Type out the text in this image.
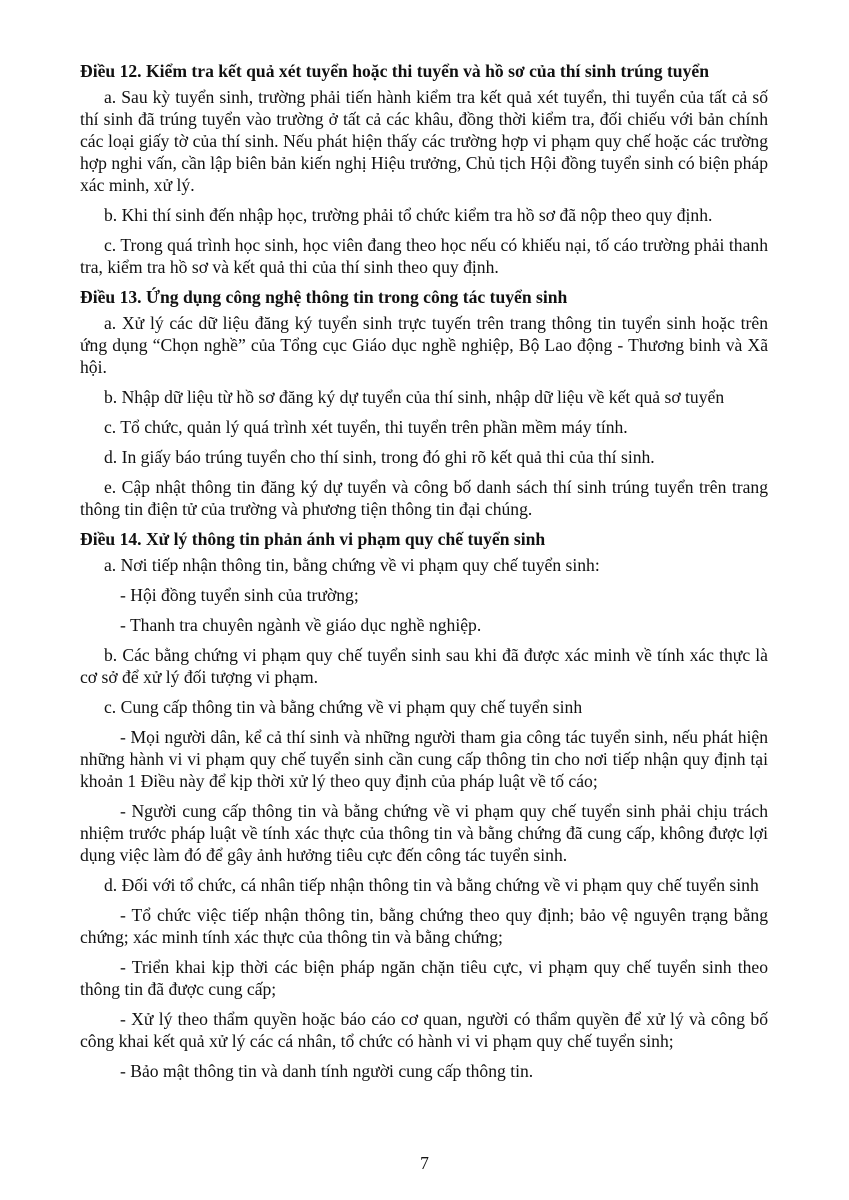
Điều 12. Kiểm tra kết quả xét tuyển hoặc thi tuyển và hồ sơ của thí sinh trúng tuyển

a. Sau kỳ tuyển sinh, trường phải tiến hành kiểm tra kết quả xét tuyển, thi tuyển của tất cả số thí sinh đã trúng tuyển vào trường ở tất cả các khâu, đồng thời kiểm tra, đối chiếu với bản chính các loại giấy tờ của thí sinh. Nếu phát hiện thấy các trường hợp vi phạm quy chế hoặc các trường hợp nghi vấn, cần lập biên bản kiến nghị Hiệu trưởng, Chủ tịch Hội đồng tuyển sinh có biện pháp xác minh, xử lý.

b. Khi thí sinh đến nhập học, trường phải tổ chức kiểm tra hồ sơ đã nộp theo quy định.

c. Trong quá trình học sinh, học viên đang theo học nếu có khiếu nại, tố cáo trường phải thanh tra, kiểm tra hồ sơ và kết quả thi của thí sinh theo quy định.

Điều 13. Ứng dụng công nghệ thông tin trong công tác tuyển sinh

a. Xử lý các dữ liệu đăng ký tuyển sinh trực tuyến trên trang thông tin tuyển sinh hoặc trên ứng dụng “Chọn nghề” của Tổng cục Giáo dục nghề nghiệp, Bộ Lao động - Thương binh và Xã hội.

b. Nhập dữ liệu từ hồ sơ đăng ký dự tuyển của thí sinh, nhập dữ liệu về kết quả sơ tuyển

c. Tổ chức, quản lý quá trình xét tuyển, thi tuyển trên phần mềm máy tính.

d. In giấy báo trúng tuyển cho thí sinh, trong đó ghi rõ kết quả thi của thí sinh.

e. Cập nhật thông tin đăng ký dự tuyển và công bố danh sách thí sinh trúng tuyển trên trang thông tin điện tử của trường và phương tiện thông tin đại chúng.

Điều 14. Xử lý thông tin phản ánh vi phạm quy chế tuyển sinh

a. Nơi tiếp nhận thông tin, bằng chứng về vi phạm quy chế tuyển sinh:

- Hội đồng tuyển sinh của trường;

- Thanh tra chuyên ngành về giáo dục nghề nghiệp.

b. Các bằng chứng vi phạm quy chế tuyển sinh sau khi đã được xác minh về tính xác thực là cơ sở để xử lý đối tượng vi phạm.

c. Cung cấp thông tin và bằng chứng về vi phạm quy chế tuyển sinh

- Mọi người dân, kể cả thí sinh và những người tham gia công tác tuyển sinh, nếu phát hiện những hành vi vi phạm quy chế tuyển sinh cần cung cấp thông tin cho nơi tiếp nhận quy định tại khoản 1 Điều này để kịp thời xử lý theo quy định của pháp luật về tố cáo;

- Người cung cấp thông tin và bằng chứng về vi phạm quy chế tuyển sinh phải chịu trách nhiệm trước pháp luật về tính xác thực của thông tin và bằng chứng đã cung cấp, không được lợi dụng việc làm đó để gây ảnh hưởng tiêu cực đến công tác tuyển sinh.

d. Đối với tổ chức, cá nhân tiếp nhận thông tin và bằng chứng về vi phạm quy chế tuyển sinh

- Tổ chức việc tiếp nhận thông tin, bằng chứng theo quy định; bảo vệ nguyên trạng bằng chứng; xác minh tính xác thực của thông tin và bằng chứng;

- Triển khai kịp thời các biện pháp ngăn chặn tiêu cực, vi phạm quy chế tuyển sinh theo thông tin đã được cung cấp;

- Xử lý theo thẩm quyền hoặc báo cáo cơ quan, người có thẩm quyền để xử lý và công bố công khai kết quả xử lý các cá nhân, tổ chức có hành vi vi phạm quy chế tuyển sinh;

- Bảo mật thông tin và danh tính người cung cấp thông tin.

7
